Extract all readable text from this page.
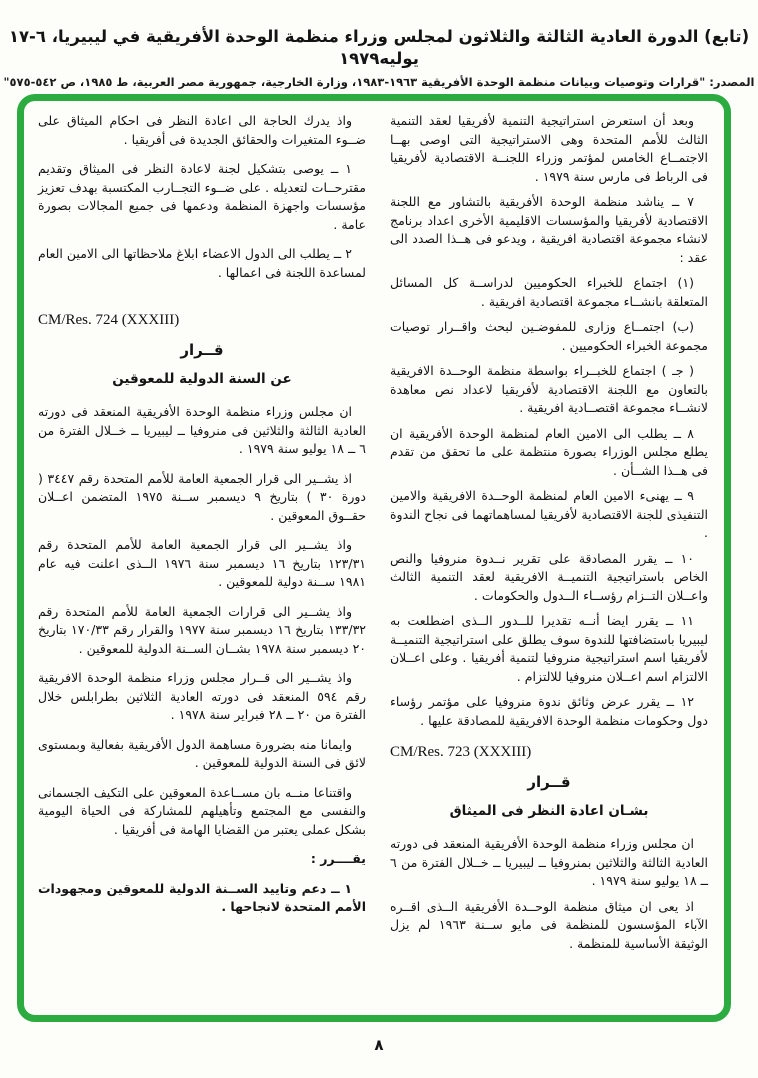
(تابع) الدورة العادية الثالثة والثلاثون لمجلس وزراء منظمة الوحدة الأفريقية في ليبيريا، ٦-١٧ يوليه١٩٧٩
المصدر: "قرارات وتوصيات وبيانات منظمة الوحدة الأفريقية ١٩٦٣-١٩٨٣، وزارة الخارجية، جمهورية مصر العربية، ط ١٩٨٥، ص ٥٤٢-٥٧٥"

وبعد أن استعرض استراتيجية التنمية لأفريقيا لعقد التنمية الثالث للأمم المتحدة وهى الاستراتيجية التى اوصى بهــا الاجتمــاع الخامس لمؤتمر وزراء اللجنــة الاقتصادية لأفريقيا فى الرباط فى مارس سنة ١٩٧٩ .

٧ ــ يناشد منظمة الوحدة الأفريقية بالتشاور مع اللجنة الاقتصادية لأفريقيا والمؤسسات الاقليمية الأخرى اعداد برنامج لانشاء مجموعة اقتصادية افريقية ، ويدعو فى هــذا الصدد الى عقد :

(١) اجتماع للخبراء الحكوميين لدراســة كل المسائل المتعلقة بانشــاء مجموعة اقتصادية افريقية .

(ب) اجتمــاع وزارى للمفوضـين لبحث واقــرار توصيات مجموعة الخبراء الحكوميين .

( جـ ) اجتماع للخبــراء بواسطة منظمة الوحــدة الافريقية بالتعاون مع اللجنة الاقتصادية لأفريقيا لاعداد نص معاهدة لانشــاء مجموعة اقتصــادية افريقية .

٨ ــ يطلب الى الامين العام لمنظمة الوحدة الأفريقية ان يطلع مجلس الوزراء بصورة منتظمة على ما تحقق من تقدم فى هــذا الشــأن .

٩ ــ يهنىء الامين العام لمنظمة الوحــدة الافريقية والامين التنفيذى للجنة الاقتصادية لأفريقيا لمساهماتهما فى نجاح الندوة .

١٠ ــ يقرر المصادقة على تقرير نــدوة منروفيا والنص الخاص باستراتيجية التنميــة الافريقية لعقد التنمية الثالث واعــلان التــزام رؤســاء الــدول والحكومات .

١١ ــ يقرر ايضا أنــه تقديرا للــدور الــذى اضطلعت به ليبيريا باستضافتها للندوة سوف يطلق على استراتيجية التنميــة لأفريقيا اسم استراتيجية منروفيا لتنمية أفريقيا . وعلى اعــلان الالتزام اسم اعــلان منروفيا للالتزام .

١٢ ــ يقرر عرض وثائق ندوة منروفيا على مؤتمر رؤساء دول وحكومات منظمة الوحدة الافريقية للمصادقة عليها .

CM/Res. 723 (XXXIII)
قــرار
بشـان اعادة النظر فى الميثاق

ان مجلس وزراء منظمة الوحدة الأفريقية المنعقد فى دورته العادية الثالثة والثلاثين بمنروفيا ــ ليبيريا ــ خــلال الفترة من ٦ ــ ١٨ يوليو سنة ١٩٧٩ .

اذ يعى ان ميثاق منظمة الوحــدة الأفريقية الــذى اقــره الآباء المؤسسون للمنظمة فى مايو ســنة ١٩٦٣ لم يزل الوثيقة الأساسية للمنظمة .

واذ يدرك الحاجة الى اعادة النظر فى احكام الميثاق على ضــوء المتغيرات والحقائق الجديدة فى أفريقيا .

١ ــ يوصى بتشكيل لجنة لاعادة النظر فى الميثاق وتقديم مقترحــات لتعديله . على ضــوء التجــارب المكتسبة بهدف تعزيز مؤسسات واجهزة المنظمة ودعمها فى جميع المجالات بصورة عامة .

٢ ــ يطلب الى الدول الاعضاء ابلاغ ملاحظاتها الى الامين العام لمساعدة اللجنة فى اعمالها .

CM/Res. 724 (XXXIII)
قــرار
عن السنة الدولية للمعوقين

ان مجلس وزراء منظمة الوحدة الأفريقية المنعقد فى دورته العادية الثالثة والثلاثين فى منروفيا ــ ليبيريا ــ خــلال الفترة من ٦ ــ ١٨ يوليو سنة ١٩٧٩ .

اذ يشــير الى قرار الجمعية العامة للأمم المتحدة رقم ٣٤٤٧ ( دورة ٣٠ ) بتاريخ ٩ ديسمبر ســنة ١٩٧٥ المتضمن اعــلان حقــوق المعوقين .

واذ يشــير الى قرار الجمعية العامة للأمم المتحدة رقم ١٢٣/٣١ بتاريخ ١٦ ديسمبر سنة ١٩٧٦ الــذى اعلنت فيه عام ١٩٨١ ســنة دولية للمعوقين .

واذ يشــير الى قرارات الجمعية العامة للأمم المتحدة رقم ١٣٣/٣٢ بتاريخ ١٦ ديسمبر سنة ١٩٧٧ والقرار رقم ١٧٠/٣٣ بتاريخ ٢٠ ديسمبر سنة ١٩٧٨ بشــان الســنة الدولية للمعوقين .

واذ يشــير الى قــرار مجلس وزراء منظمة الوحدة الافريقية رقم ٥٩٤ المنعقد فى دورته العادية الثلاثين بطرابلس خلال الفترة من ٢٠ ــ ٢٨ فبراير سنة ١٩٧٨ .

وايمانا منه بضرورة مساهمة الدول الأفريقية بفعالية وبمستوى لائق فى السنة الدولية للمعوقين .

واقتناعا منــه بان مســاعدة المعوقين على التكيف الجسمانى والنفسى مع المجتمع وتأهيلهم للمشاركة فى الحياة اليومية بشكل عملى يعتبر من القضايا الهامة فى أفريقيا .

يقــــرر :

١ ــ دعم وتاييد الســنة الدولية للمعوقين ومجهودات الأمم المتحدة لانجاحها .

٨
